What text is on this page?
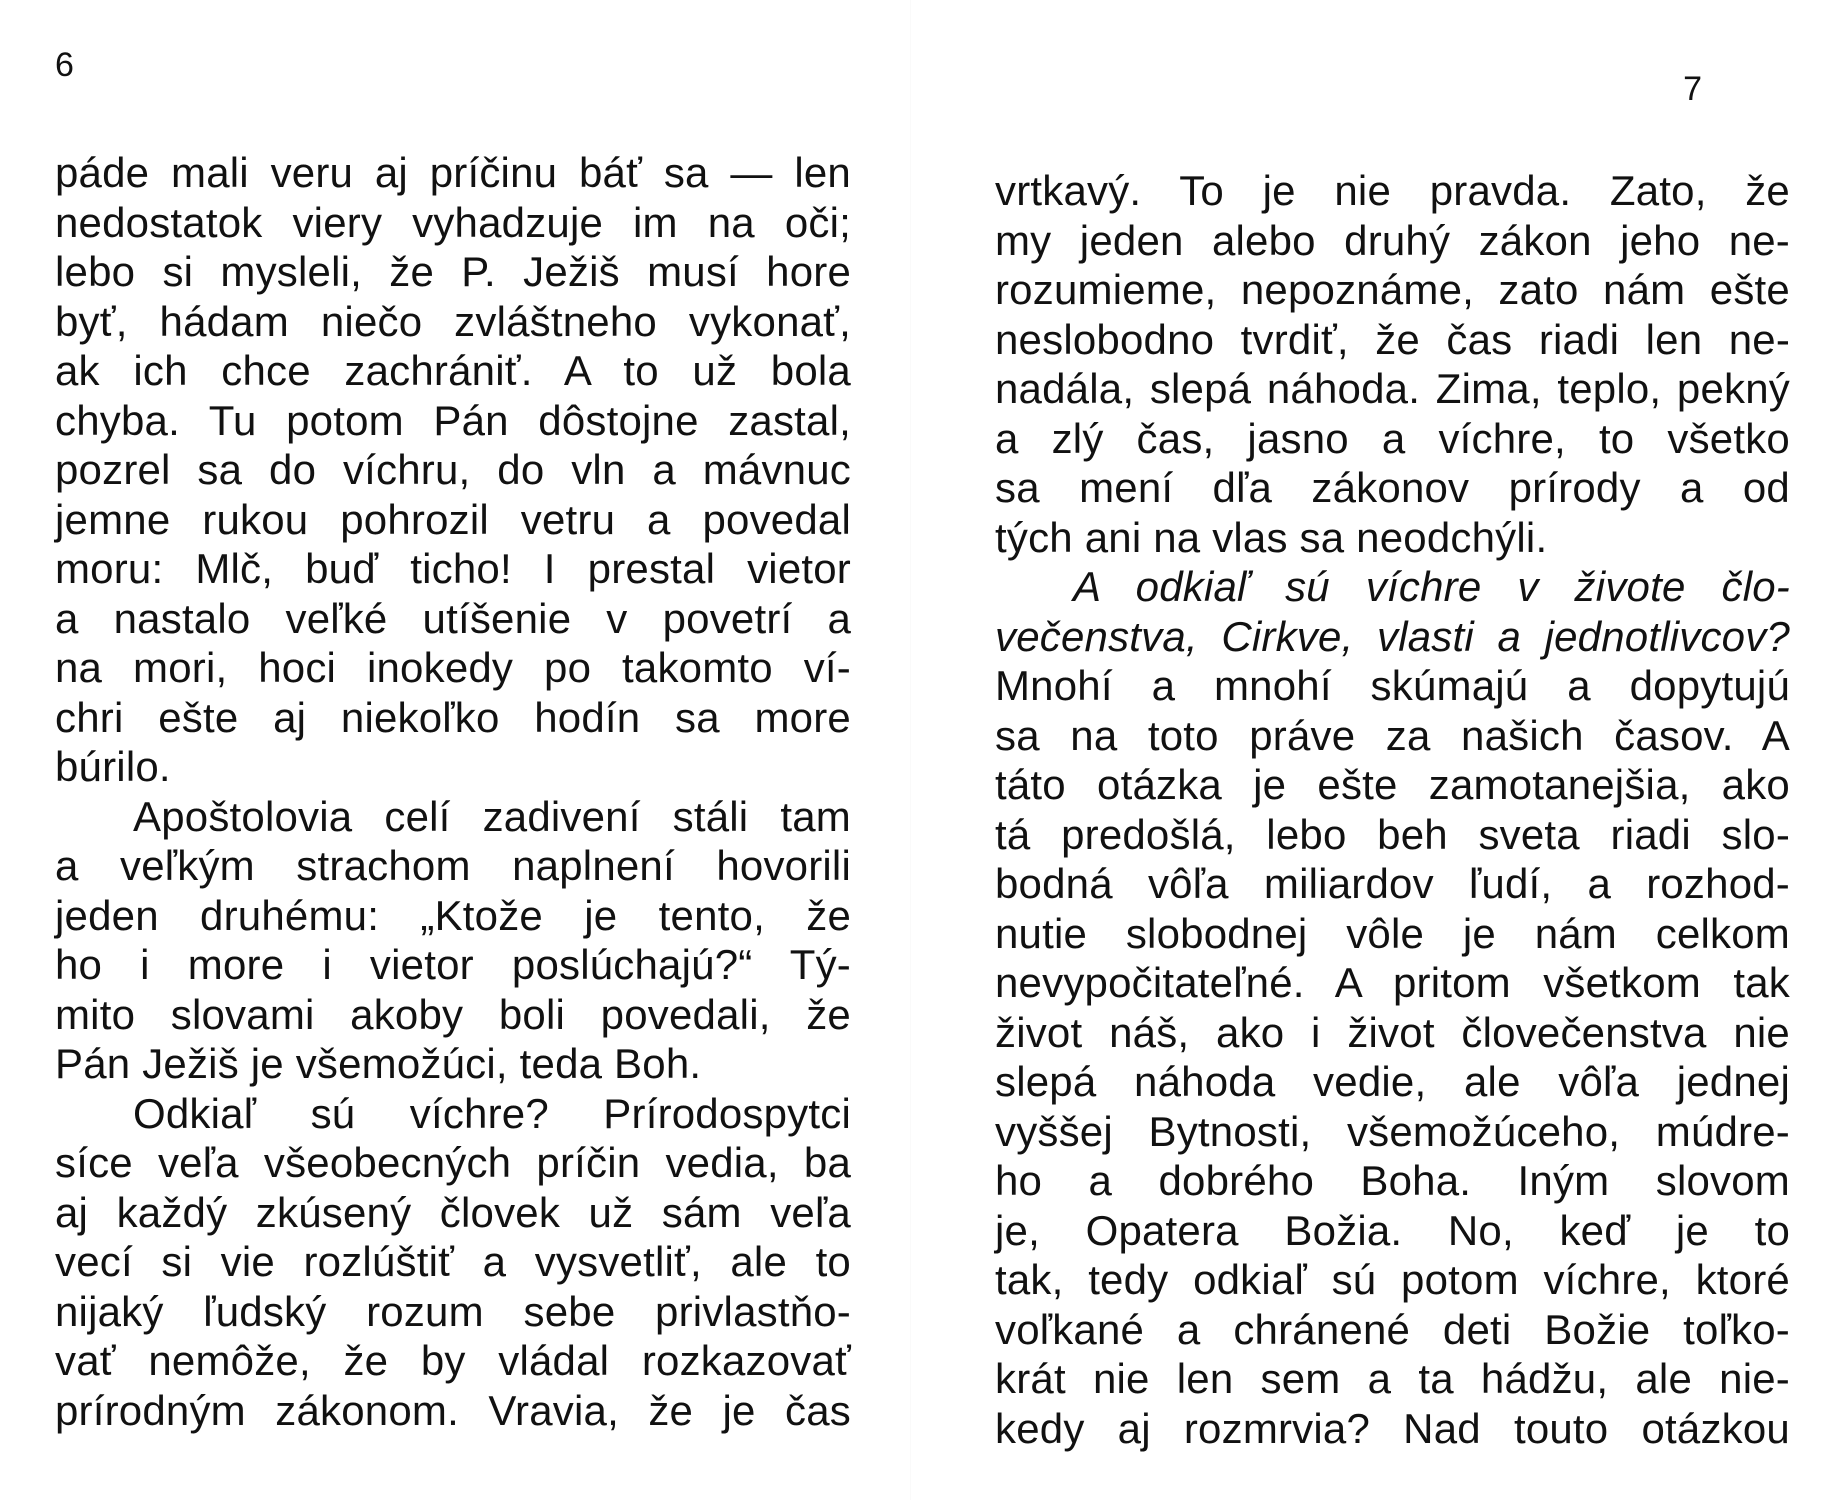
6
páde mali veru aj príčinu báť sa — len
nedostatok viery vyhadzuje im na oči;
lebo si mysleli, že P. Ježiš musí hore
byť, hádam niečo zvláštneho vykonať,
ak ich chce zachrániť. A to už bola
chyba. Tu potom Pán dôstojne zastal,
pozrel sa do víchru, do vln a mávnuc
jemne rukou pohrozil vetru a povedal
moru: Mlč, buď ticho! I prestal vietor
a nastalo veľké utíšenie v povetrí a
na mori, hoci inokedy po takomto ví-
chri ešte aj niekoľko hodín sa more
búrilo.
Apoštolovia celí zadivení stáli tam
a veľkým strachom naplnení hovorili
jeden druhému: „Ktože je tento, že
ho i more i vietor poslúchajú?“ Tý-
mito slovami akoby boli povedali, že
Pán Ježiš je všemožúci, teda Boh.
Odkiaľ sú víchre? Prírodospytci
síce veľa všeobecných príčin vedia, ba
aj každý zkúsený človek už sám veľa
vecí si vie rozlúštiť a vysvetliť, ale to
nijaký ľudský rozum sebe privlastňo-
vať nemôže, že by vládal rozkazovať
prírodným zákonom. Vravia, že je čas
7
vrtkavý. To je nie pravda. Zato, že
my jeden alebo druhý zákon jeho ne-
rozumieme, nepoznáme, zato nám ešte
neslobodno tvrdiť, že čas riadi len ne-
nadála, slepá náhoda. Zima, teplo, pekný
a zlý čas, jasno a víchre, to všetko
sa mení dľa zákonov prírody a od
tých ani na vlas sa neodchýli.
A odkiaľ sú víchre v živote člo-
večenstva, Cirkve, vlasti a jednotlivcov?
Mnohí a mnohí skúmajú a dopytujú
sa na toto práve za našich časov. A
táto otázka je ešte zamotanejšia, ako
tá predošlá, lebo beh sveta riadi slo-
bodná vôľa miliardov ľudí, a rozhod-
nutie slobodnej vôle je nám celkom
nevypočitateľné. A pritom všetkom tak
život náš, ako i život človečenstva nie
slepá náhoda vedie, ale vôľa jednej
vyššej Bytnosti, všemožúceho, múdre-
ho a dobrého Boha. Iným slovom
je, Opatera Božia. No, keď je to
tak, tedy odkiaľ sú potom víchre, ktoré
voľkané a chránené deti Božie toľko-
krát nie len sem a ta hádžu, ale nie-
kedy aj rozmrvia? Nad touto otázkou
